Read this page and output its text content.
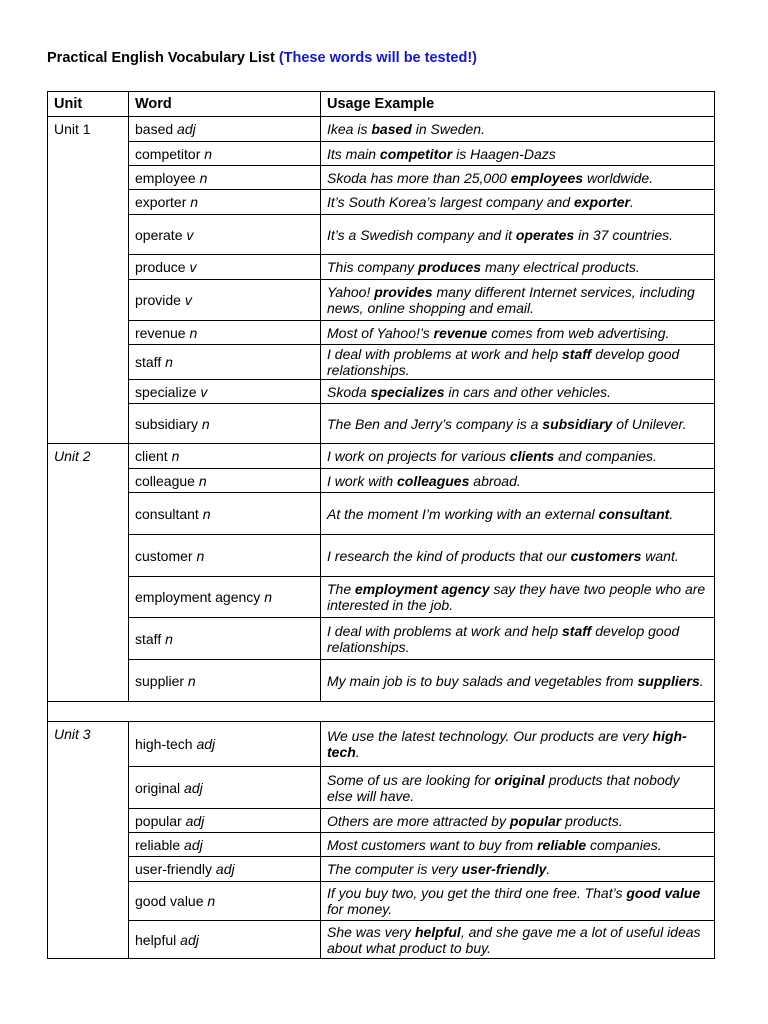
Practical English Vocabulary List (These words will be tested!)
Unit	Word	Usage Example
Unit 1	based adj	Ikea is based in Sweden.
	competitor n	Its main competitor is Haagen-Dazs
	employee n	Skoda has more than 25,000 employees worldwide.
	exporter n	It’s South Korea’s largest company and exporter.
	operate v	It’s a Swedish company and it operates in 37 countries.
	produce v	This company produces many electrical products.
	provide v	Yahoo! provides many different Internet services, including news, online shopping and email.
	revenue n	Most of Yahoo!’s revenue comes from web advertising.
	staff n	I deal with problems at work and help staff develop good relationships.
	specialize v	Skoda specializes in cars and other vehicles.
	subsidiary n	The Ben and Jerry’s company is a subsidiary of Unilever.
Unit 2	client n	I work on projects for various clients and companies.
	colleague n	I work with colleagues abroad.
	consultant n	At the moment I’m working with an external consultant.
	customer n	I research the kind of products that our customers want.
	employment agency n	The employment agency say they have two people who are interested in the job.
	staff n	I deal with problems at work and help staff develop good relationships.
	supplier n	My main job is to buy salads and vegetables from suppliers.

Unit 3	high-tech adj	We use the latest technology. Our products are very high-tech.
	original adj	Some of us are looking for original products that nobody else will have.
	popular adj	Others are more attracted by popular products.
	reliable adj	Most customers want to buy from reliable companies.
	user-friendly adj	The computer is very user-friendly.
	good value n	If you buy two, you get the third one free. That’s good value for money.
	helpful adj	She was very helpful, and she gave me a lot of useful ideas about what product to buy.
